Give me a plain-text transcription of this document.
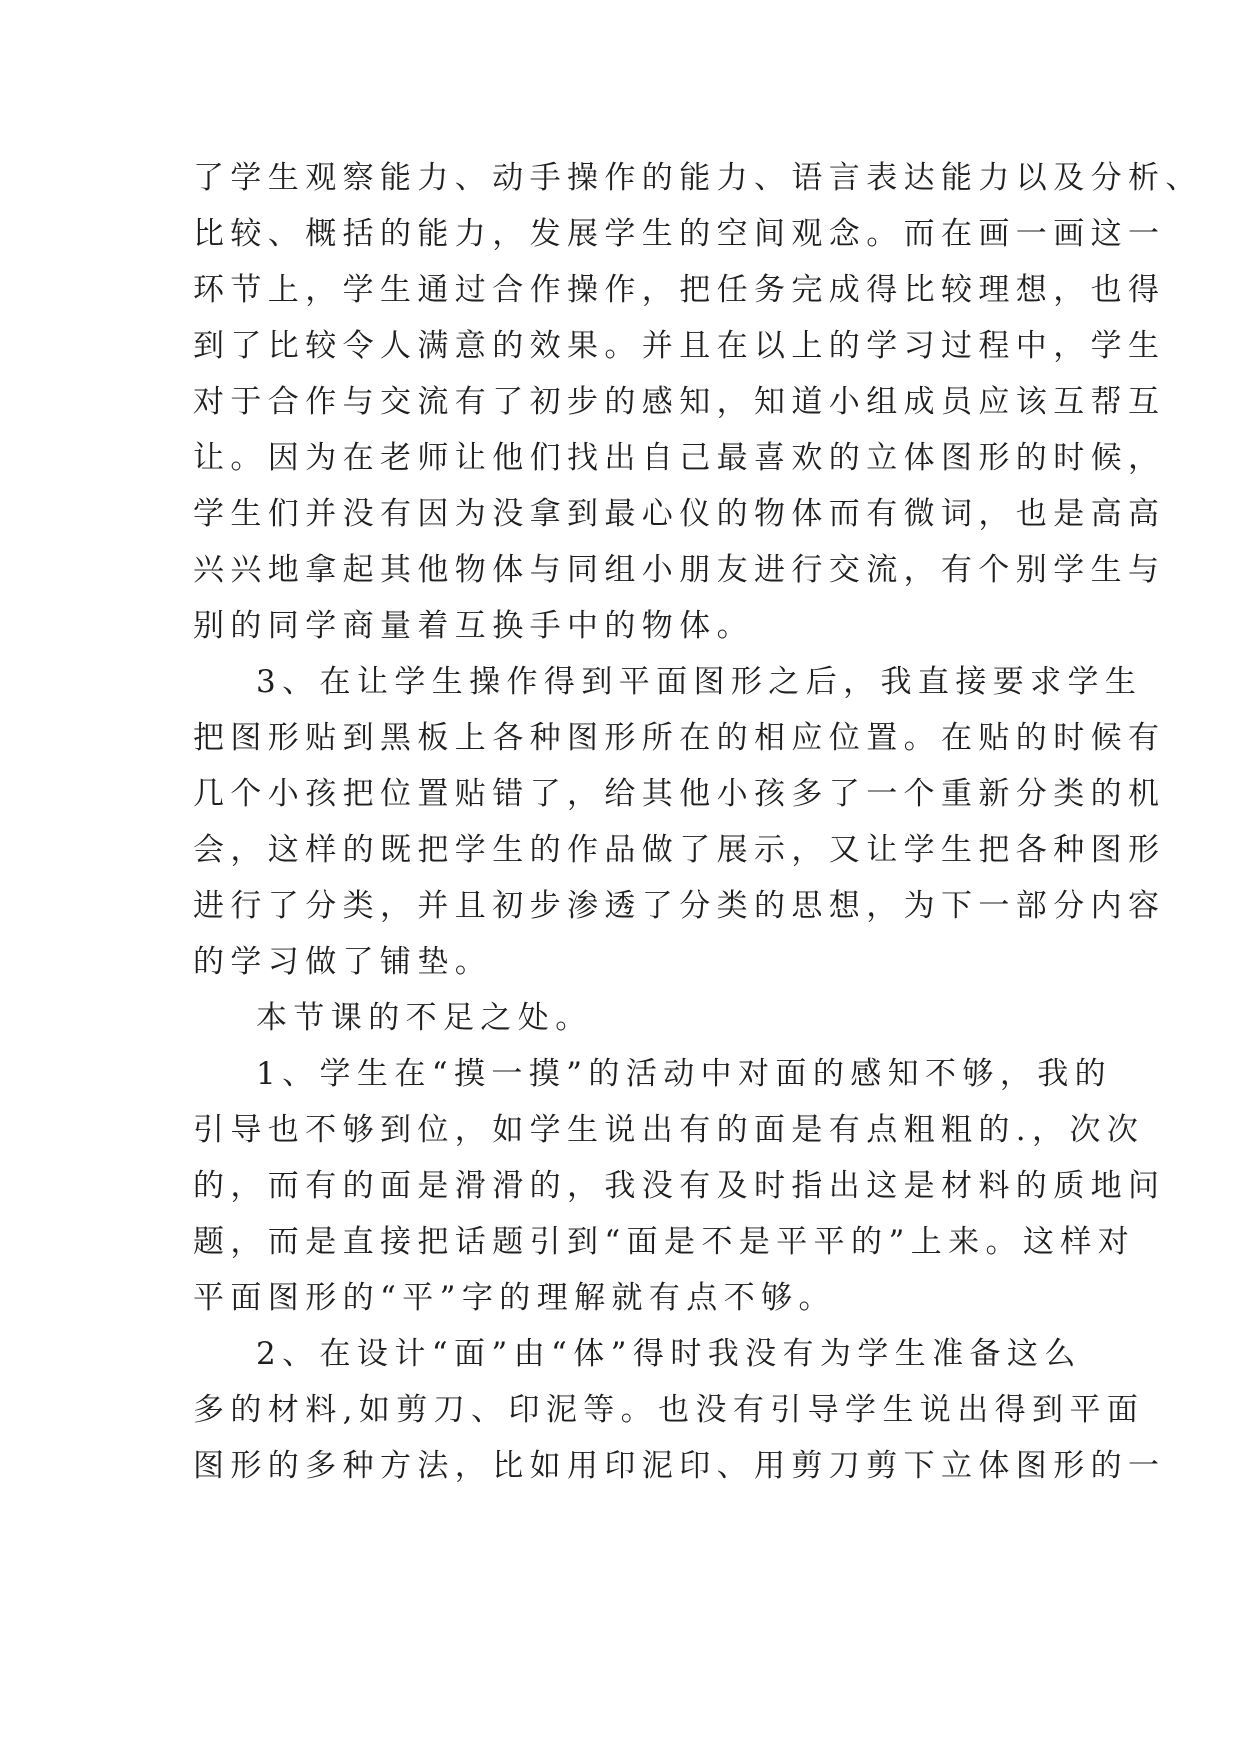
了学生观察能力、动手操作的能力、语言表达能力以及分析、
比较、概括的能力，发展学生的空间观念。而在画一画这一
环节上，学生通过合作操作，把任务完成得比较理想，也得
到了比较令人满意的效果。并且在以上的学习过程中，学生
对于合作与交流有了初步的感知，知道小组成员应该互帮互
让。因为在老师让他们找出自己最喜欢的立体图形的时候，
学生们并没有因为没拿到最心仪的物体而有微词，也是高高
兴兴地拿起其他物体与同组小朋友进行交流，有个别学生与
别的同学商量着互换手中的物体。
3、在让学生操作得到平面图形之后，我直接要求学生
把图形贴到黑板上各种图形所在的相应位置。在贴的时候有
几个小孩把位置贴错了，给其他小孩多了一个重新分类的机
会，这样的既把学生的作品做了展示，又让学生把各种图形
进行了分类，并且初步渗透了分类的思想，为下一部分内容
的学习做了铺垫。
本节课的不足之处。
1、学生在“摸一摸”的活动中对面的感知不够，我的
引导也不够到位，如学生说出有的面是有点粗粗的.，次次
的，而有的面是滑滑的，我没有及时指出这是材料的质地问
题，而是直接把话题引到“面是不是平平的”上来。这样对
平面图形的“平”字的理解就有点不够。
2、在设计“面”由“体”得时我没有为学生准备这么
多的材料,如剪刀、印泥等。也没有引导学生说出得到平面
图形的多种方法，比如用印泥印、用剪刀剪下立体图形的一
